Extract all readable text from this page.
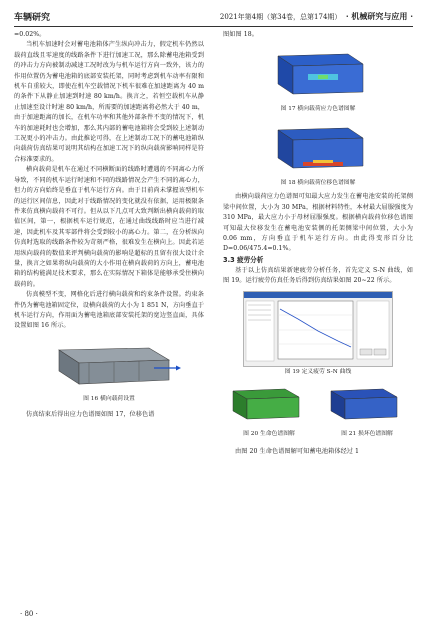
车辆研究	2021年第4期（第34卷，总第174期） · 机械研究与应用 ·

=0.02%。

当机车加速时会对蓄电池箱体产生纵向冲击力，假定机车仍然以载荷直线且零速度的线路条件下进行加速工况，那么除蓄电池箱受到的冲击力方向被制动减速工况时改为与机车运行方向一致外，该力的作用位置仍为蓄电池箱的底部安装托架，同时考虑到机车动率有限和机车自重较大，即使在机车空载情况下机车很难在加速距离为 40 m 的条件下从静止加速到时速 80 km/h。换言之，若恒空载机车从静止加速至设计时速 80 km/h，所需要的加速距离将必然大于 40 m，由于加速距离的加长，在机车功率和其他外部条件不变的情况下，机车的加速耗时也会增加，那么其内部的蓄电池箱将会受到较上述制动工况更小的冲击力。由此推论可得，在上述制动工况下的蓄电池箱纵向载荷仿真结果可说明其结构在加速工况下的纵向载荷影响同样是符合标准要求的。

横向载荷是机车在通过不同横断面的线路时遭遇的不同离心力所导致，不同的机车运行时速和不同的线路情况会产生不同的离心力，但力的方向始终是垂直于机车运行方向。由于目前尚未掌握该型机车的运行区间信息，因此对于线路情况的变化就没有依据，运用极限条件来仿真横向载荷不可行。但从以下几点可大致判断出横向载荷的取值区间，第一，根据机车运行规范，在通过曲线线路时应当进行减速，因此机车及其零部件将会受到较小的离心力。第二，在分析纵向仿真时选取的线路条件较为苛刻严格，很难发生在横向上。因此若运用纵向载荷的数值来评判横向载荷的影响是超标的且留有很大设计余量，换言之如果将纵向载荷的大小作用在横向载荷的方向上，蓄电池箱的结构能满足技术要求，那么在实际情况下箱体是能够承受住横向载荷的。

仿真模型不变，网格化后进行横向载荷和约束条件设置。约束条件仍为蓄电池箱固定位，设横向载荷的大小为 1 851 N，方向垂直于机车运行方向，作用面为蓄电池箱底部安装托架的宽边竖直面，具体设置如图 16 所示。

图 16 横向载荷设置

仿真结束后得出应力色谱图如图 17，位移色谱

图如图 18。

图 17 横向载荷应力色谱图解
图 18 横向载荷位移色谱图解

由横向载荷应力色谱图可知最大应力发生在蓄电池安装的托架侧梁中间位置，大小为 30 MPa，根据材料特性，本材最大屈服强度为 310 MPa，最大应力小于母材屈服强度。根据横向载荷位移色谱图可知最大位移发生在蓄电池安装侧的托架侧梁中间位置，大小为 0.06 mm，方向垂直于机车运行方向。由此得变形百分比 D=0.06/475.4=0.1%。

3.3 疲劳分析

基于以上仿真结果新建疲劳分析任务，首先定义 S-N 曲线，如图 19。运行疲劳仿真任务后得到仿真结果如图 20~22 所示。

图 19 定义疲劳 S-N 曲线
图 20 生命色谱图解	图 21 损坏色谱图解

由图 20 生命色谱图解可知蓄电池箱体经过 1

· 80 ·
